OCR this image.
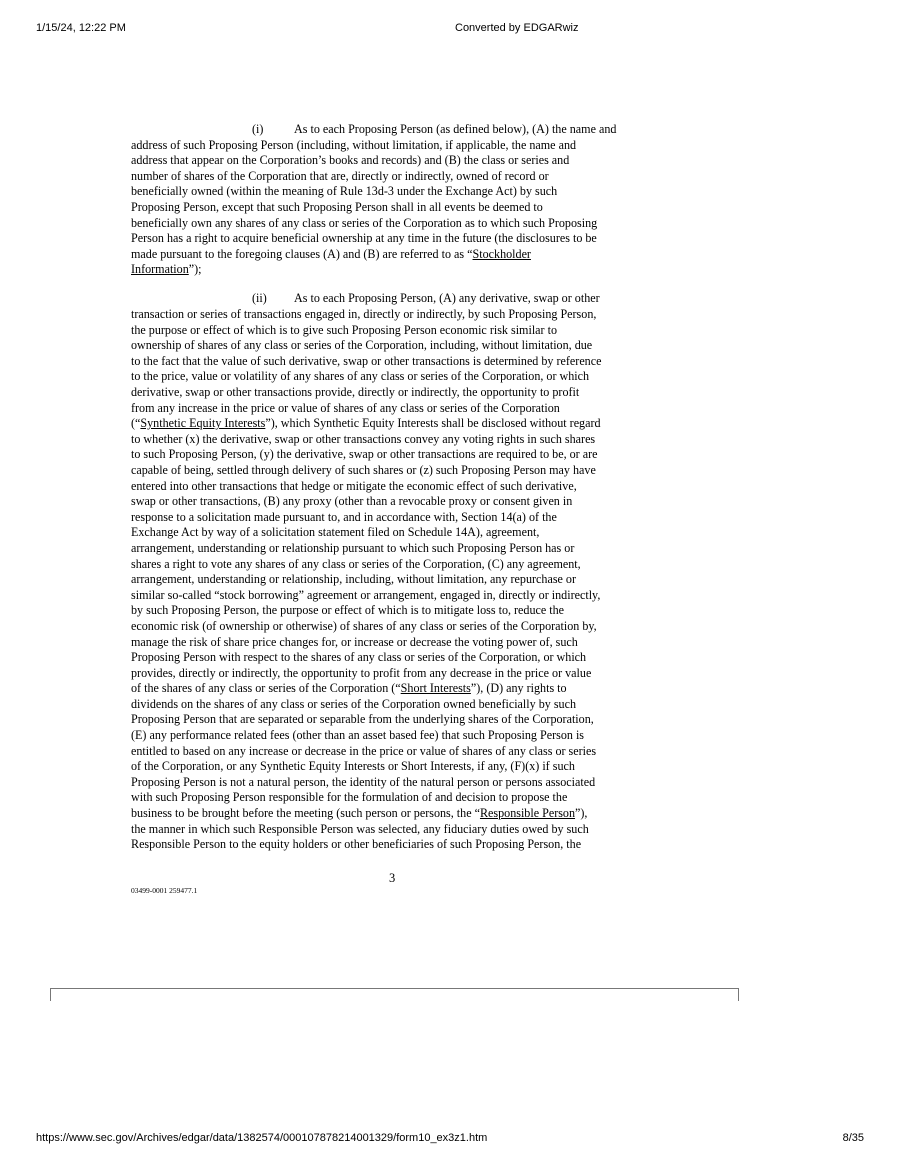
1/15/24, 12:22 PM	Converted by EDGARwiz
(i)	As to each Proposing Person (as defined below), (A) the name and
address of such Proposing Person (including, without limitation, if applicable, the name and
address that appear on the Corporation’s books and records) and (B) the class or series and
number of shares of the Corporation that are, directly or indirectly, owned of record or
beneficially owned (within the meaning of Rule 13d-3 under the Exchange Act) by such
Proposing Person, except that such Proposing Person shall in all events be deemed to
beneficially own any shares of any class or series of the Corporation as to which such Proposing
Person has a right to acquire beneficial ownership at any time in the future (the disclosures to be
made pursuant to the foregoing clauses (A) and (B) are referred to as “Stockholder
Information”);
(ii) As to each Proposing Person, (A) any derivative, swap or other
transaction or series of transactions engaged in, directly or indirectly, by such Proposing Person,
the purpose or effect of which is to give such Proposing Person economic risk similar to
ownership of shares of any class or series of the Corporation, including, without limitation, due
to the fact that the value of such derivative, swap or other transactions is determined by reference
to the price, value or volatility of any shares of any class or series of the Corporation, or which
derivative, swap or other transactions provide, directly or indirectly, the opportunity to profit
from any increase in the price or value of shares of any class or series of the Corporation
(“Synthetic Equity Interests”), which Synthetic Equity Interests shall be disclosed without regard
to whether (x) the derivative, swap or other transactions convey any voting rights in such shares
to such Proposing Person, (y) the derivative, swap or other transactions are required to be, or are
capable of being, settled through delivery of such shares or (z) such Proposing Person may have
entered into other transactions that hedge or mitigate the economic effect of such derivative,
swap or other transactions, (B) any proxy (other than a revocable proxy or consent given in
response to a solicitation made pursuant to, and in accordance with, Section 14(a) of the
Exchange Act by way of a solicitation statement filed on Schedule 14A), agreement,
arrangement, understanding or relationship pursuant to which such Proposing Person has or
shares a right to vote any shares of any class or series of the Corporation, (C) any agreement,
arrangement, understanding or relationship, including, without limitation, any repurchase or
similar so-called “stock borrowing” agreement or arrangement, engaged in, directly or indirectly,
by such Proposing Person, the purpose or effect of which is to mitigate loss to, reduce the
economic risk (of ownership or otherwise) of shares of any class or series of the Corporation by,
manage the risk of share price changes for, or increase or decrease the voting power of, such
Proposing Person with respect to the shares of any class or series of the Corporation, or which
provides, directly or indirectly, the opportunity to profit from any decrease in the price or value
of the shares of any class or series of the Corporation (“Short Interests”), (D) any rights to
dividends on the shares of any class or series of the Corporation owned beneficially by such
Proposing Person that are separated or separable from the underlying shares of the Corporation,
(E) any performance related fees (other than an asset based fee) that such Proposing Person is
entitled to based on any increase or decrease in the price or value of shares of any class or series
of the Corporation, or any Synthetic Equity Interests or Short Interests, if any, (F)(x) if such
Proposing Person is not a natural person, the identity of the natural person or persons associated
with such Proposing Person responsible for the formulation of and decision to propose the
business to be brought before the meeting (such person or persons, the “Responsible Person”),
the manner in which such Responsible Person was selected, any fiduciary duties owed by such
Responsible Person to the equity holders or other beneficiaries of such Proposing Person, the
3
03499-0001 259477.1
https://www.sec.gov/Archives/edgar/data/1382574/000107878214001329/form10_ex3z1.htm	8/35
